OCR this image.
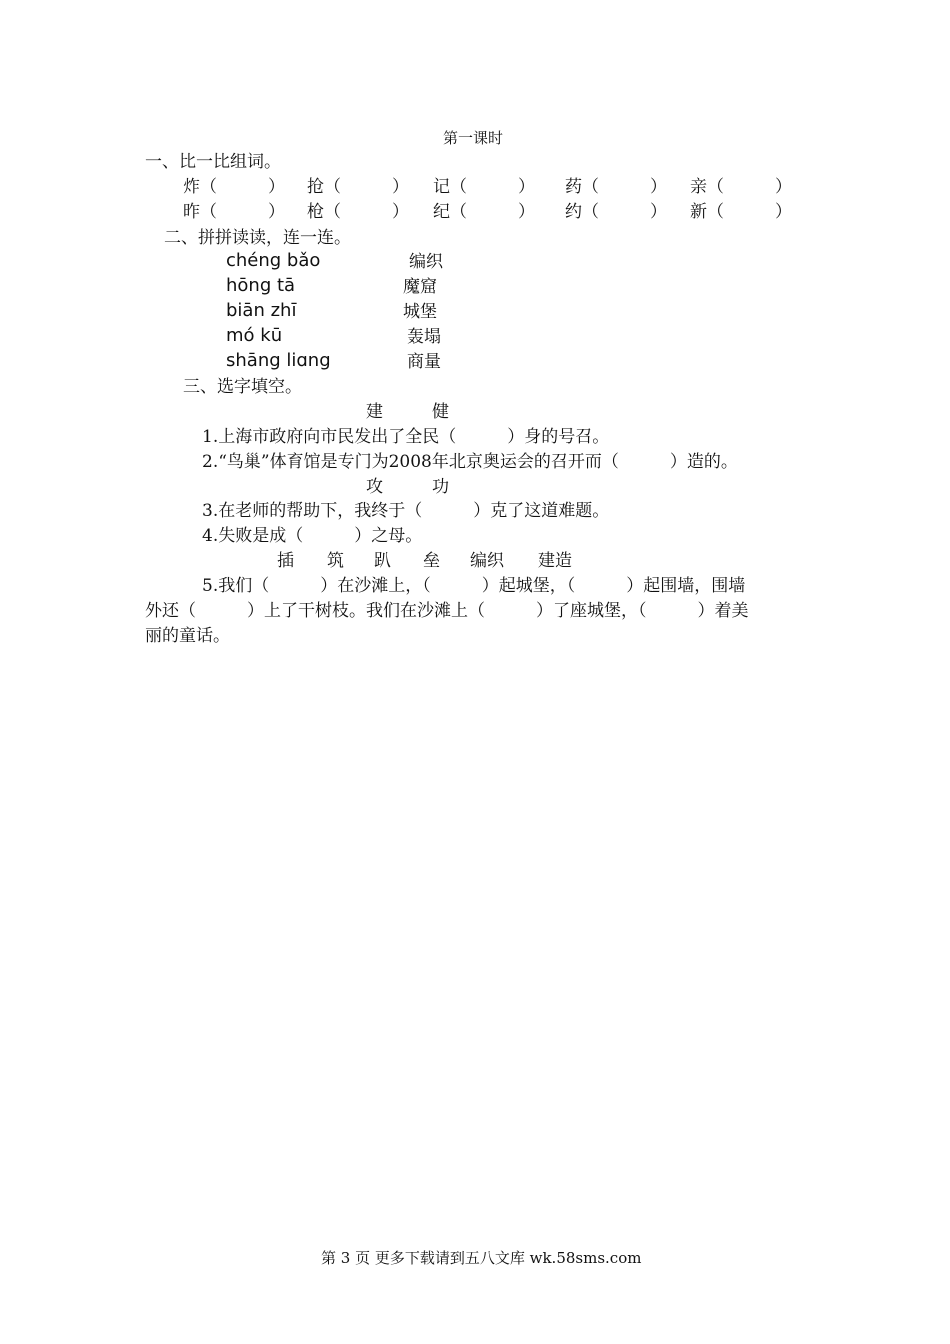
第一课时
一、比一比组词。
炸（　　　） 抢（　　　） 记（　　　） 药（　　　） 亲（　　　）
昨（　　　） 枪（　　　） 纪（　　　） 约（　　　） 新（　　　）
二、拼拼读读，连一连。
chéng bǎo
hōng tā
biān zhī
mó kū
shāng liɑng
编织
魔窟
城堡
轰塌
商量
三、选字填空。
建	健
1.上海市政府向市民发出了全民（　　　）身的号召。
2.“鸟巢”体育馆是专门为2008年北京奥运会的召开而（　　　）造的。
攻	功
3.在老师的帮助下，我终于（　　　）克了这道难题。
4.失败是成（　　　）之母。
插 筑 趴 垒 编织 建造
5.我们（　　　）在沙滩上，（　　　）起城堡，（　　　）起围墙，围墙
外还（　　　）上了干树枝。我们在沙滩上（　　　）了座城堡，（　　　）着美
丽的童话。
第 3 页 更多下载请到五八文库 wk.58sms.com
